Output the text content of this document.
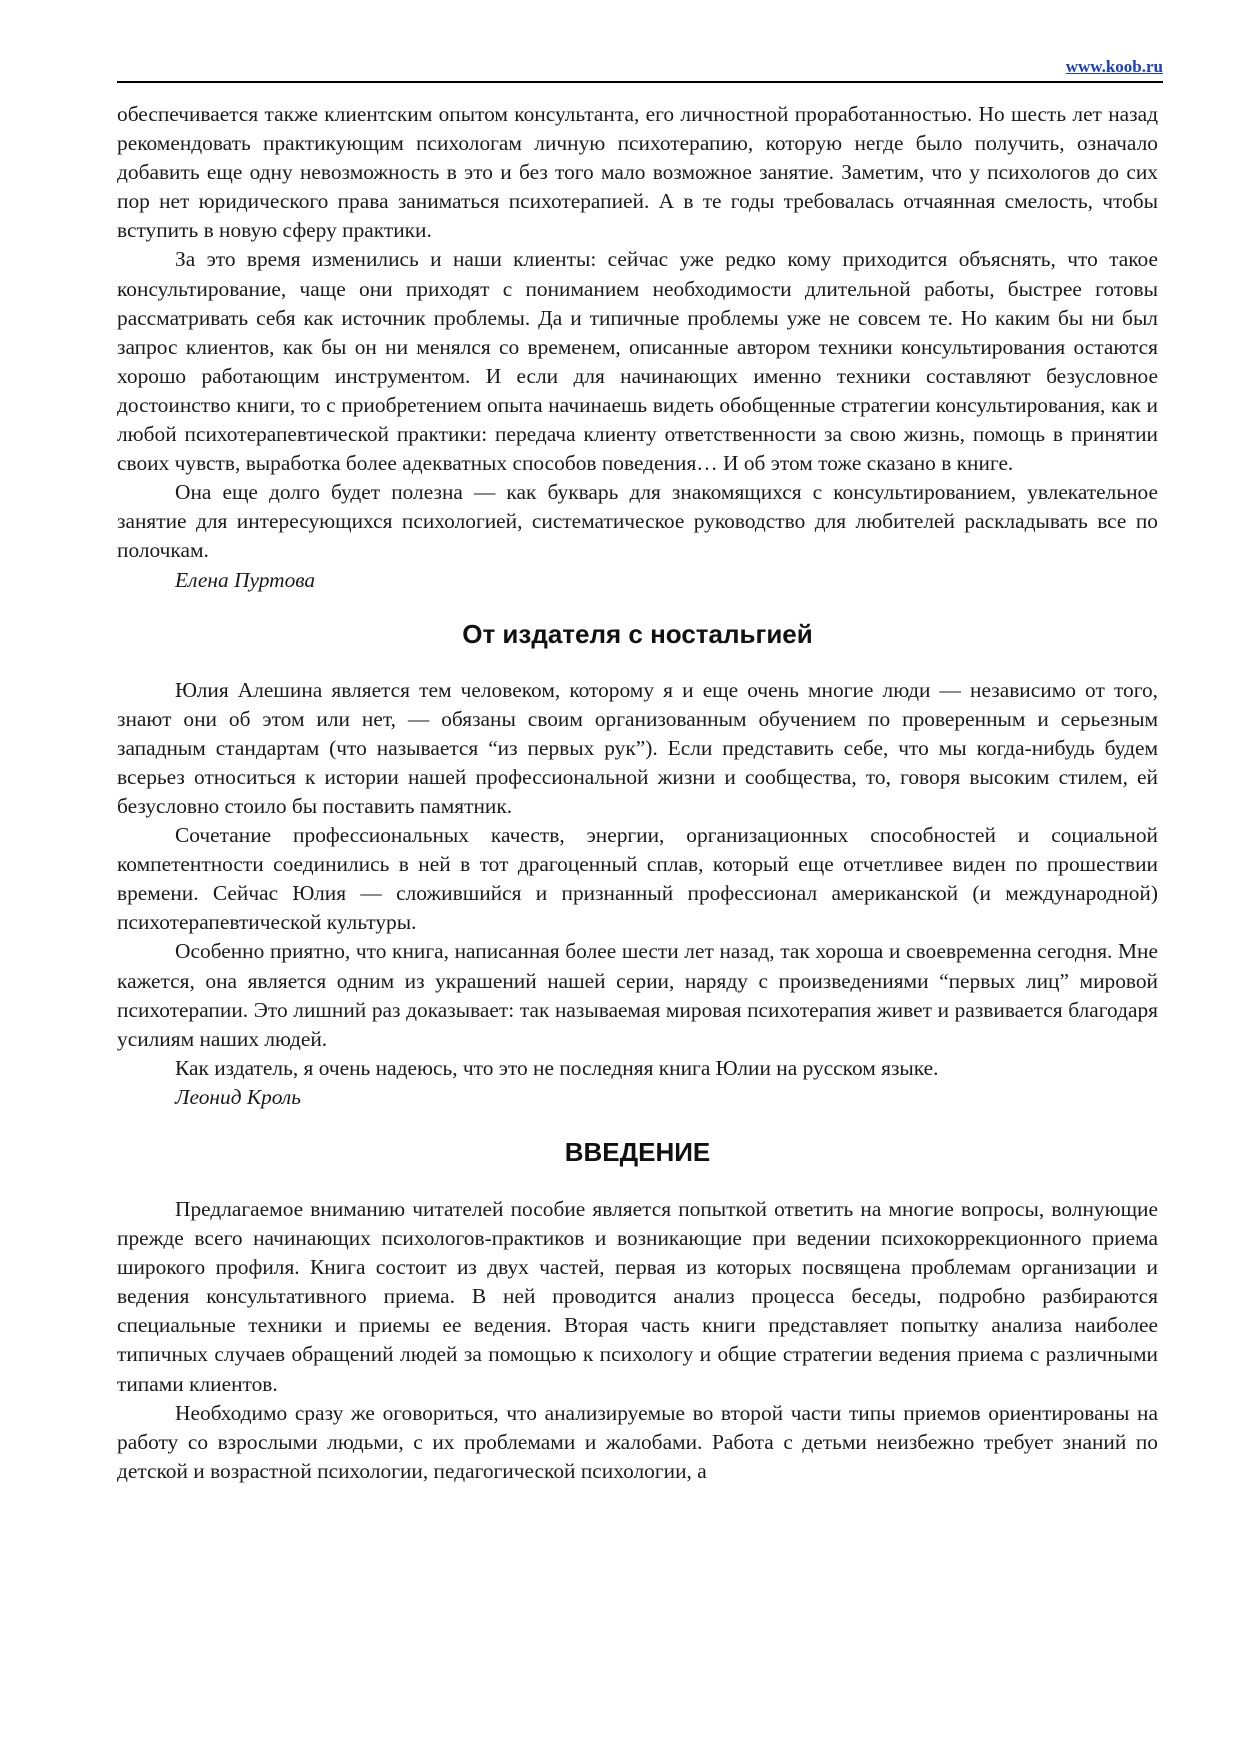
www.koob.ru

обеспечивается также клиентским опытом консультанта, его личностной проработанностью. Но шесть лет назад рекомендовать практикующим психологам личную психотерапию, которую негде было получить, означало добавить еще одну невозможность в это и без того мало возможное занятие. Заметим, что у психологов до сих пор нет юридического права заниматься психотерапией. А в те годы требовалась отчаянная смелость, чтобы вступить в новую сферу практики.

За это время изменились и наши клиенты: сейчас уже редко кому приходится объяснять, что такое консультирование, чаще они приходят с пониманием необходимости длительной работы, быстрее готовы рассматривать себя как источник проблемы. Да и типичные проблемы уже не совсем те. Но каким бы ни был запрос клиентов, как бы он ни менялся со временем, описанные автором техники консультирования остаются хорошо работающим инструментом. И если для начинающих именно техники составляют безусловное достоинство книги, то с приобретением опыта начинаешь видеть обобщенные стратегии консультирования, как и любой психотерапевтической практики: передача клиенту ответственности за свою жизнь, помощь в принятии своих чувств, выработка более адекватных способов поведения… И об этом тоже сказано в книге.

Она еще долго будет полезна — как букварь для знакомящихся с консультированием, увлекательное занятие для интересующихся психологией, систематическое руководство для любителей раскладывать все по полочкам.

Елена Пуртова
От издателя с ностальгией

Юлия Алешина является тем человеком, которому я и еще очень многие люди — независимо от того, знают они об этом или нет, — обязаны своим организованным обучением по проверенным и серьезным западным стандартам (что называется “из первых рук”). Если представить себе, что мы когда-нибудь будем всерьез относиться к истории нашей профессиональной жизни и сообщества, то, говоря высоким стилем, ей безусловно стоило бы поставить памятник.

Сочетание профессиональных качеств, энергии, организационных способностей и социальной компетентности соединились в ней в тот драгоценный сплав, который еще отчетливее виден по прошествии времени. Сейчас Юлия — сложившийся и признанный профессионал американской (и международной) психотерапевтической культуры.

Особенно приятно, что книга, написанная более шести лет назад, так хороша и своевременна сегодня. Мне кажется, она является одним из украшений нашей серии, наряду с произведениями “первых лиц” мировой психотерапии. Это лишний раз доказывает: так называемая мировая психотерапия живет и развивается благодаря усилиям наших людей.

Как издатель, я очень надеюсь, что это не последняя книга Юлии на русском языке.

Леонид Кроль
ВВЕДЕНИЕ

Предлагаемое вниманию читателей пособие является попыткой ответить на многие вопросы, волнующие прежде всего начинающих психологов-практиков и возникающие при ведении психокоррекционного приема широкого профиля. Книга состоит из двух частей, первая из которых посвящена проблемам организации и ведения консультативного приема. В ней проводится анализ процесса беседы, подробно разбираются специальные техники и приемы ее ведения. Вторая часть книги представляет попытку анализа наиболее типичных случаев обращений людей за помощью к психологу и общие стратегии ведения приема с различными типами клиентов.

Необходимо сразу же оговориться, что анализируемые во второй части типы приемов ориентированы на работу со взрослыми людьми, с их проблемами и жалобами. Работа с детьми неизбежно требует знаний по детской и возрастной психологии, педагогической психологии, а
